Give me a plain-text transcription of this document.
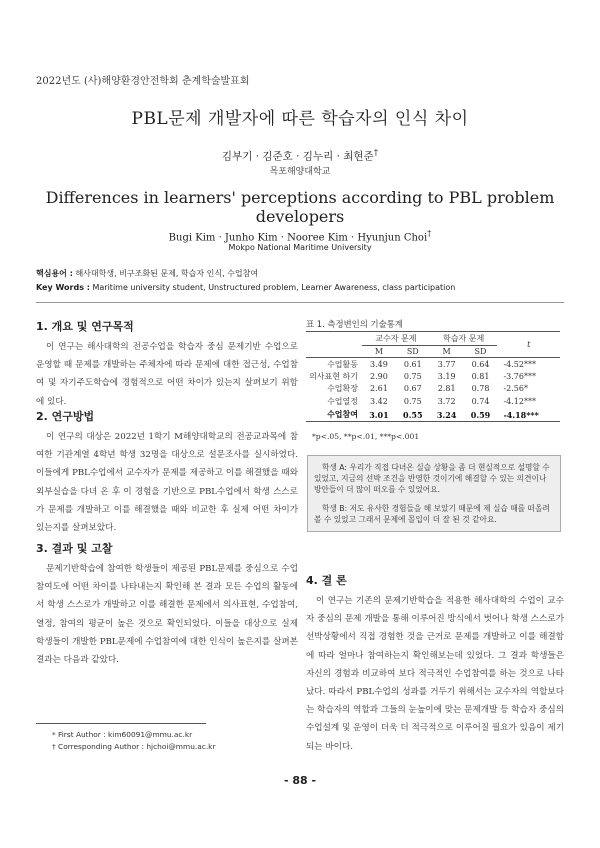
2022년도 (사)해양환경안전학회 춘계학술발표회
PBL문제 개발자에 따른 학습자의 인식 차이
김부기 · 김준호 · 김누리 · 최현준†
목포해양대학교
Differences in learners' perceptions according to PBL problem developers
Bugi Kim · Junho Kim · Nooree Kim · Hyunjun Choi†
Mokpo National Maritime University
핵심용어 : 해사대학생, 비구조화된 문제, 학습자 인식, 수업참여
Key Words : Maritime university student, Unstructured problem, Learner Awareness, class participation
1. 개요 및 연구목적

이 연구는 해사대학의 전공수업을 학습자 중심 문제기반 수업으로 운영할 때 문제를 개발하는 주체자에 따라 문제에 대한 접근성, 수업참여 및 자기주도학습에 경험적으로 어떤 차이가 있는지 살펴보기 위함에 있다.

2. 연구방법

이 연구의 대상은 2022년 1학기 M해양대학교의 전공교과목에 참여한 기관계열 4학년 학생 32명을 대상으로 설문조사를 실시하였다. 이들에게 PBL수업에서 교수자가 문제를 제공하고 이를 해결했을 때와 외부실습을 다녀 온 후 이 경험을 기반으로 PBL수업에서 학생 스스로가 문제를 개발하고 이를 해결했을 때와 비교한 후 실제 어떤 차이가 있는지를 살펴보았다.

3. 결과 및 고찰

문제기반학습에 참여한 학생들이 제공된 PBL문제를 중심으로 수업참여도에 어떤 차이를 나타내는지 확인해 본 결과 모든 수업의 활동에서 학생 스스로가 개발하고 이를 해결한 문제에서 의사표현, 수업참여, 열정, 참여의 평균이 높은 것으로 확인되었다. 이들을 대상으로 실제 학생들이 개발한 PBL문제에 수업참여에 대한 인식이 높은지를 살펴본 결과는 다음과 같았다.

표 1. 측정변인의 기술통계
	교수자 문제		학습자 문제		t
	M	SD	M	SD	
수업활동	3.49	0.61	3.77	0.64	-4.52***
의사표현 하기	2.90	0.75	3.19	0.81	-3.76***
수업확장	2.61	0.67	2.81	0.78	-2.56*
수업열정	3.42	0.75	3.72	0.74	-4.12***
수업참여	3.01	0.55	3.24	0.59	-4.18***
*p<.05, **p<.01, ***p<.001

학생 A: 우리가 직접 다녀온 실습 상황을 좀 더 현실적으로 설명할 수 있었고, 지금의 선박 조건을 반영한 것이기에 해결할 수 있는 의견이나 방안들이 더 많이 떠오를 수 있었어요.

학생 B: 저도 유사한 경험들을 해 보았기 때문에 제 실습 때를 떠올려 볼 수 있었고 그래서 문제에 몰입이 더 잘 된 것 같아요.

4. 결 론

이 연구는 기존의 문제기반학습을 적용한 해사대학의 수업이 교수자 중심의 문제 개발을 통해 이루어진 방식에서 벗어나 학생 스스로가 선박상황에서 직접 경험한 것을 근거로 문제를 개발하고 이를 해결함에 따라 얼마나 참여하는지 확인해보는데 있었다. 그 결과 학생들은 자신의 경험과 비교하여 보다 적극적인 수업참여를 하는 것으로 나타났다. 따라서 PBL수업의 성과를 거두기 위해서는 교수자의 역할보다는 학습자의 역할과 그들의 눈높이에 맞는 문제개발 등 학습자 중심의 수업설계 및 운영이 더욱 더 적극적으로 이루어질 필요가 있음이 제기되는 바이다.

* First Author : kim60091@mmu.ac.kr
† Corresponding Author : hjchoi@mmu.ac.kr
- 88 -
